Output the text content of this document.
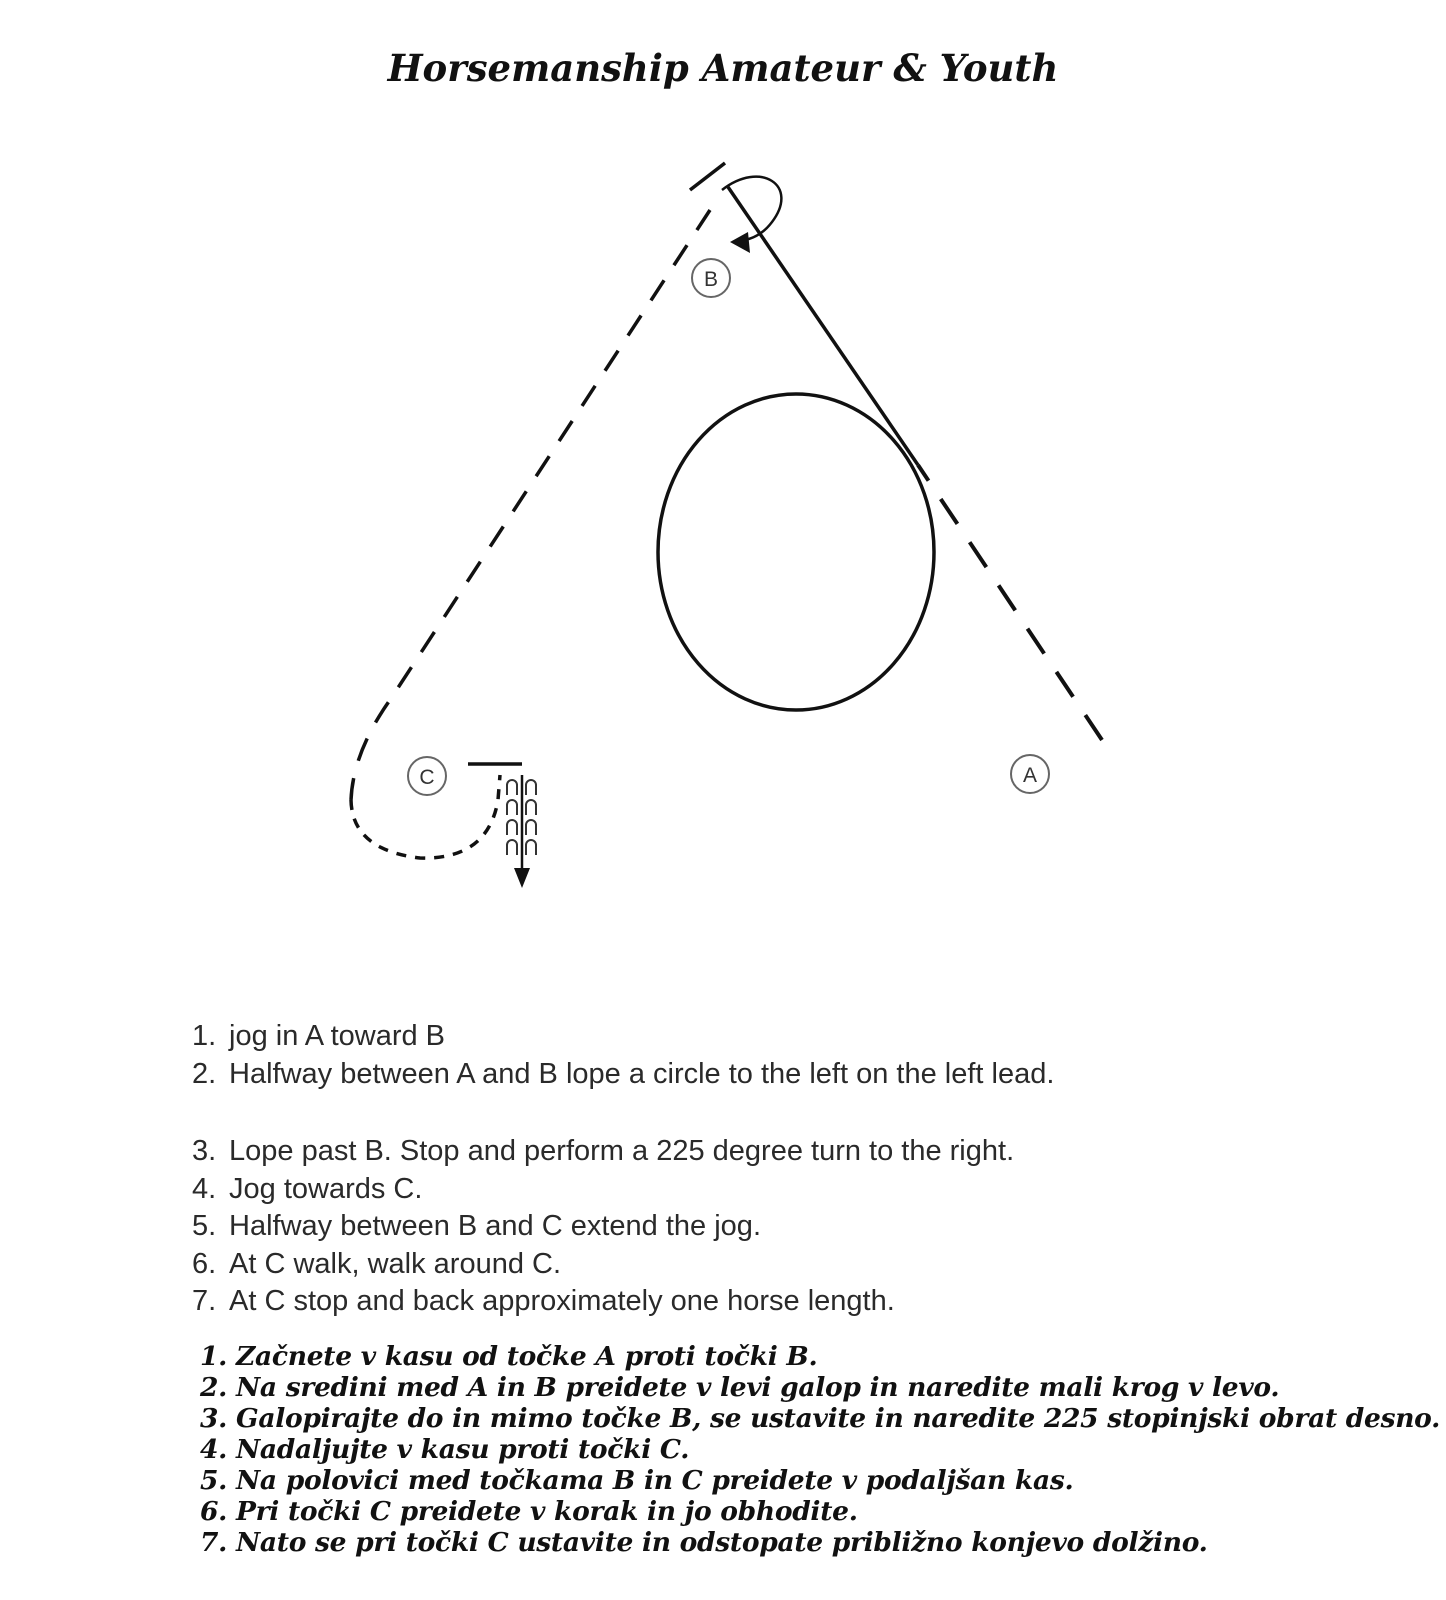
Horsemanship Amateur & Youth
B
C	A
1. jog in A toward B
2. Halfway between A and B lope a circle to the left on the left lead.
3. Lope past B. Stop and perform a 225 degree turn to the right.
4. Jog towards C.
5. Halfway between B and C extend the jog.
6. At C walk, walk around C.
7. At C stop and back approximately one horse length.
1. Začnete v kasu od točke A proti točki B.
2. Na sredini med A in B preidete v levi galop in naredite mali krog v levo.
3. Galopirajte do in mimo točke B, se ustavite in naredite 225 stopinjski obrat desno.
4. Nadaljujte v kasu proti točki C.
5. Na polovici med točkama B in C preidete v podaljšan kas.
6. Pri točki C preidete v korak in jo obhodite.
7. Nato se pri točki C ustavite in odstopate približno konjevo dolžino.
